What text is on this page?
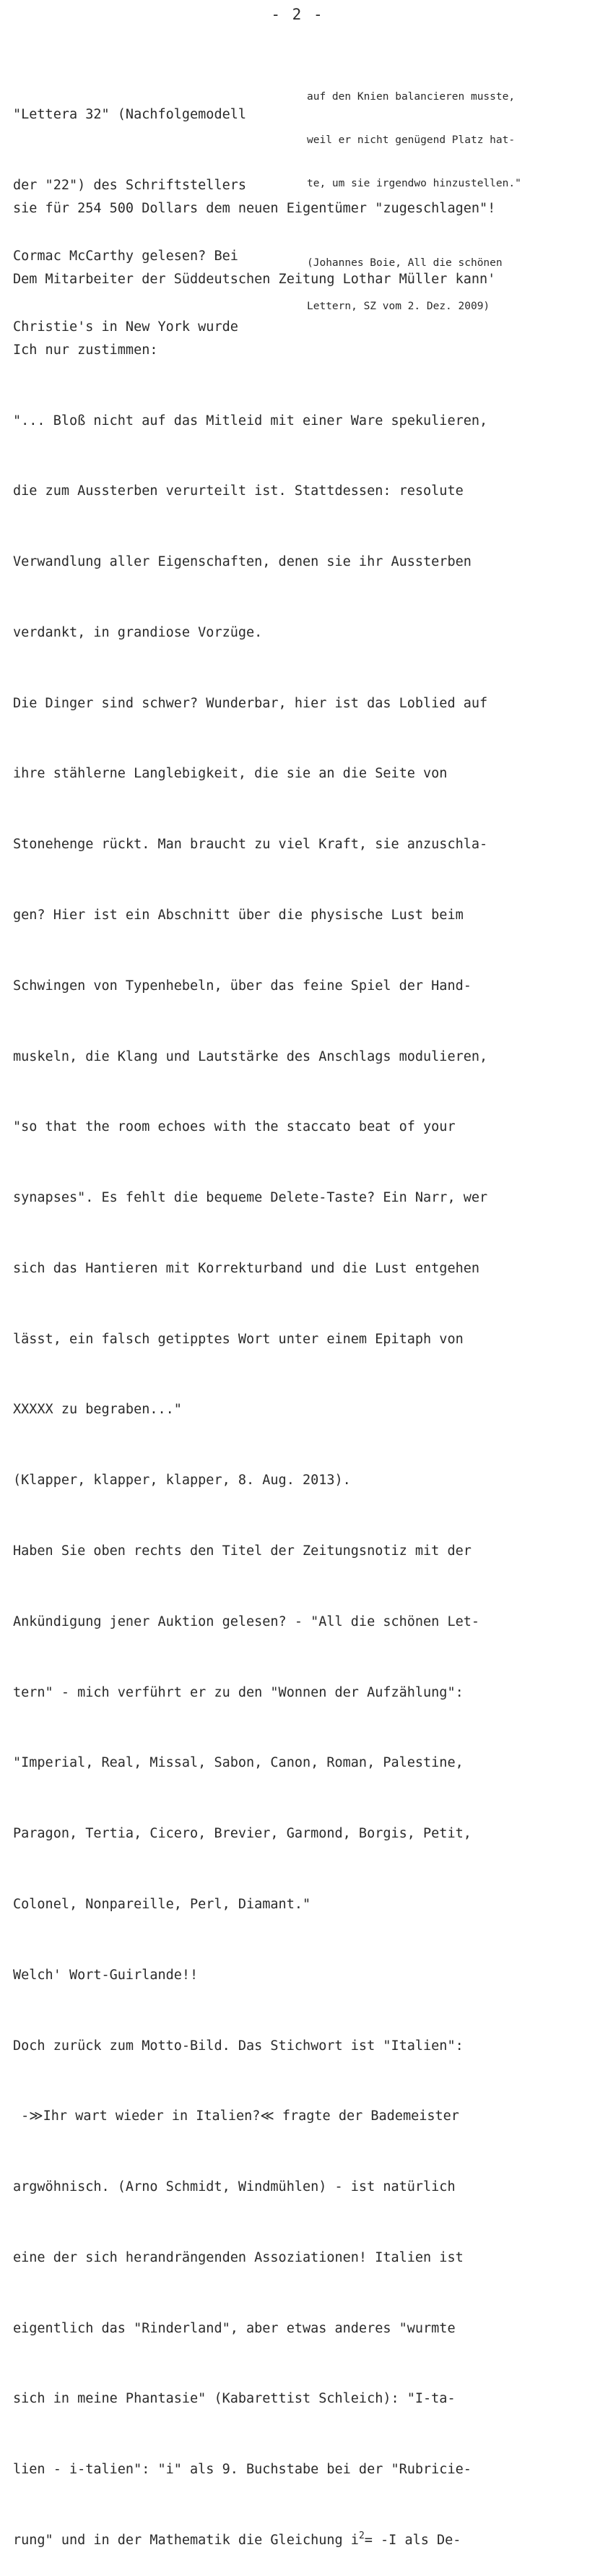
- 2 -

"Lettera 32" (Nachfolgemodell

der "22") des Schriftstellers

Cormac McCarthy gelesen? Bei

Christie's in New York wurde

auf den Knien balancieren musste,

weil er nicht genügend Platz hat-

te, um sie irgendwo hinzustellen."

(Johannes Boie, All die schönen

Lettern, SZ vom 2. Dez. 2009)

sie für 254 500 Dollars dem neuen Eigentümer "zugeschlagen"!

Dem Mitarbeiter der Süddeutschen Zeitung Lothar Müller kann'

Ich nur zustimmen:

"... Bloß nicht auf das Mitleid mit einer Ware spekulieren,

die zum Aussterben verurteilt ist. Stattdessen: resolute

Verwandlung aller Eigenschaften, denen sie ihr Aussterben

verdankt, in grandiose Vorzüge.

Die Dinger sind schwer? Wunderbar, hier ist das Loblied auf

ihre stählerne Langlebigkeit, die sie an die Seite von

Stonehenge rückt. Man braucht zu viel Kraft, sie anzuschla-

gen? Hier ist ein Abschnitt über die physische Lust beim

Schwingen von Typenhebeln, über das feine Spiel der Hand-

muskeln, die Klang und Lautstärke des Anschlags modulieren,

"so that the room echoes with the staccato beat of your

synapses". Es fehlt die bequeme Delete-Taste? Ein Narr, wer

sich das Hantieren mit Korrekturband und die Lust entgehen

lässt, ein falsch getipptes Wort unter einem Epitaph von

XXXXX zu begraben..."

(Klapper, klapper, klapper, 8. Aug. 2013).

Haben Sie oben rechts den Titel der Zeitungsnotiz mit der

Ankündigung jener Auktion gelesen? - "All die schönen Let-

tern" - mich verführt er zu den "Wonnen der Aufzählung":

"Imperial, Real, Missal, Sabon, Canon, Roman, Palestine,

Paragon, Tertia, Cicero, Brevier, Garmond, Borgis, Petit,

Colonel, Nonpareille, Perl, Diamant."

Welch' Wort-Guirlande!!

Doch zurück zum Motto-Bild. Das Stichwort ist "Italien":

-≫Ihr wart wieder in Italien?≪ fragte der Bademeister

argwöhnisch. (Arno Schmidt, Windmühlen) - ist natürlich

eine der sich herandrängenden Assoziationen! Italien ist

eigentlich das "Rinderland", aber etwas anderes "wurmte

sich in meine Phantasie" (Kabarettist Schleich): "I-ta-

lien - i-talien": "i" als 9. Buchstabe bei der "Rubricie-

rung" und in der Mathematik die Gleichung $i^2= -I$ als De-
